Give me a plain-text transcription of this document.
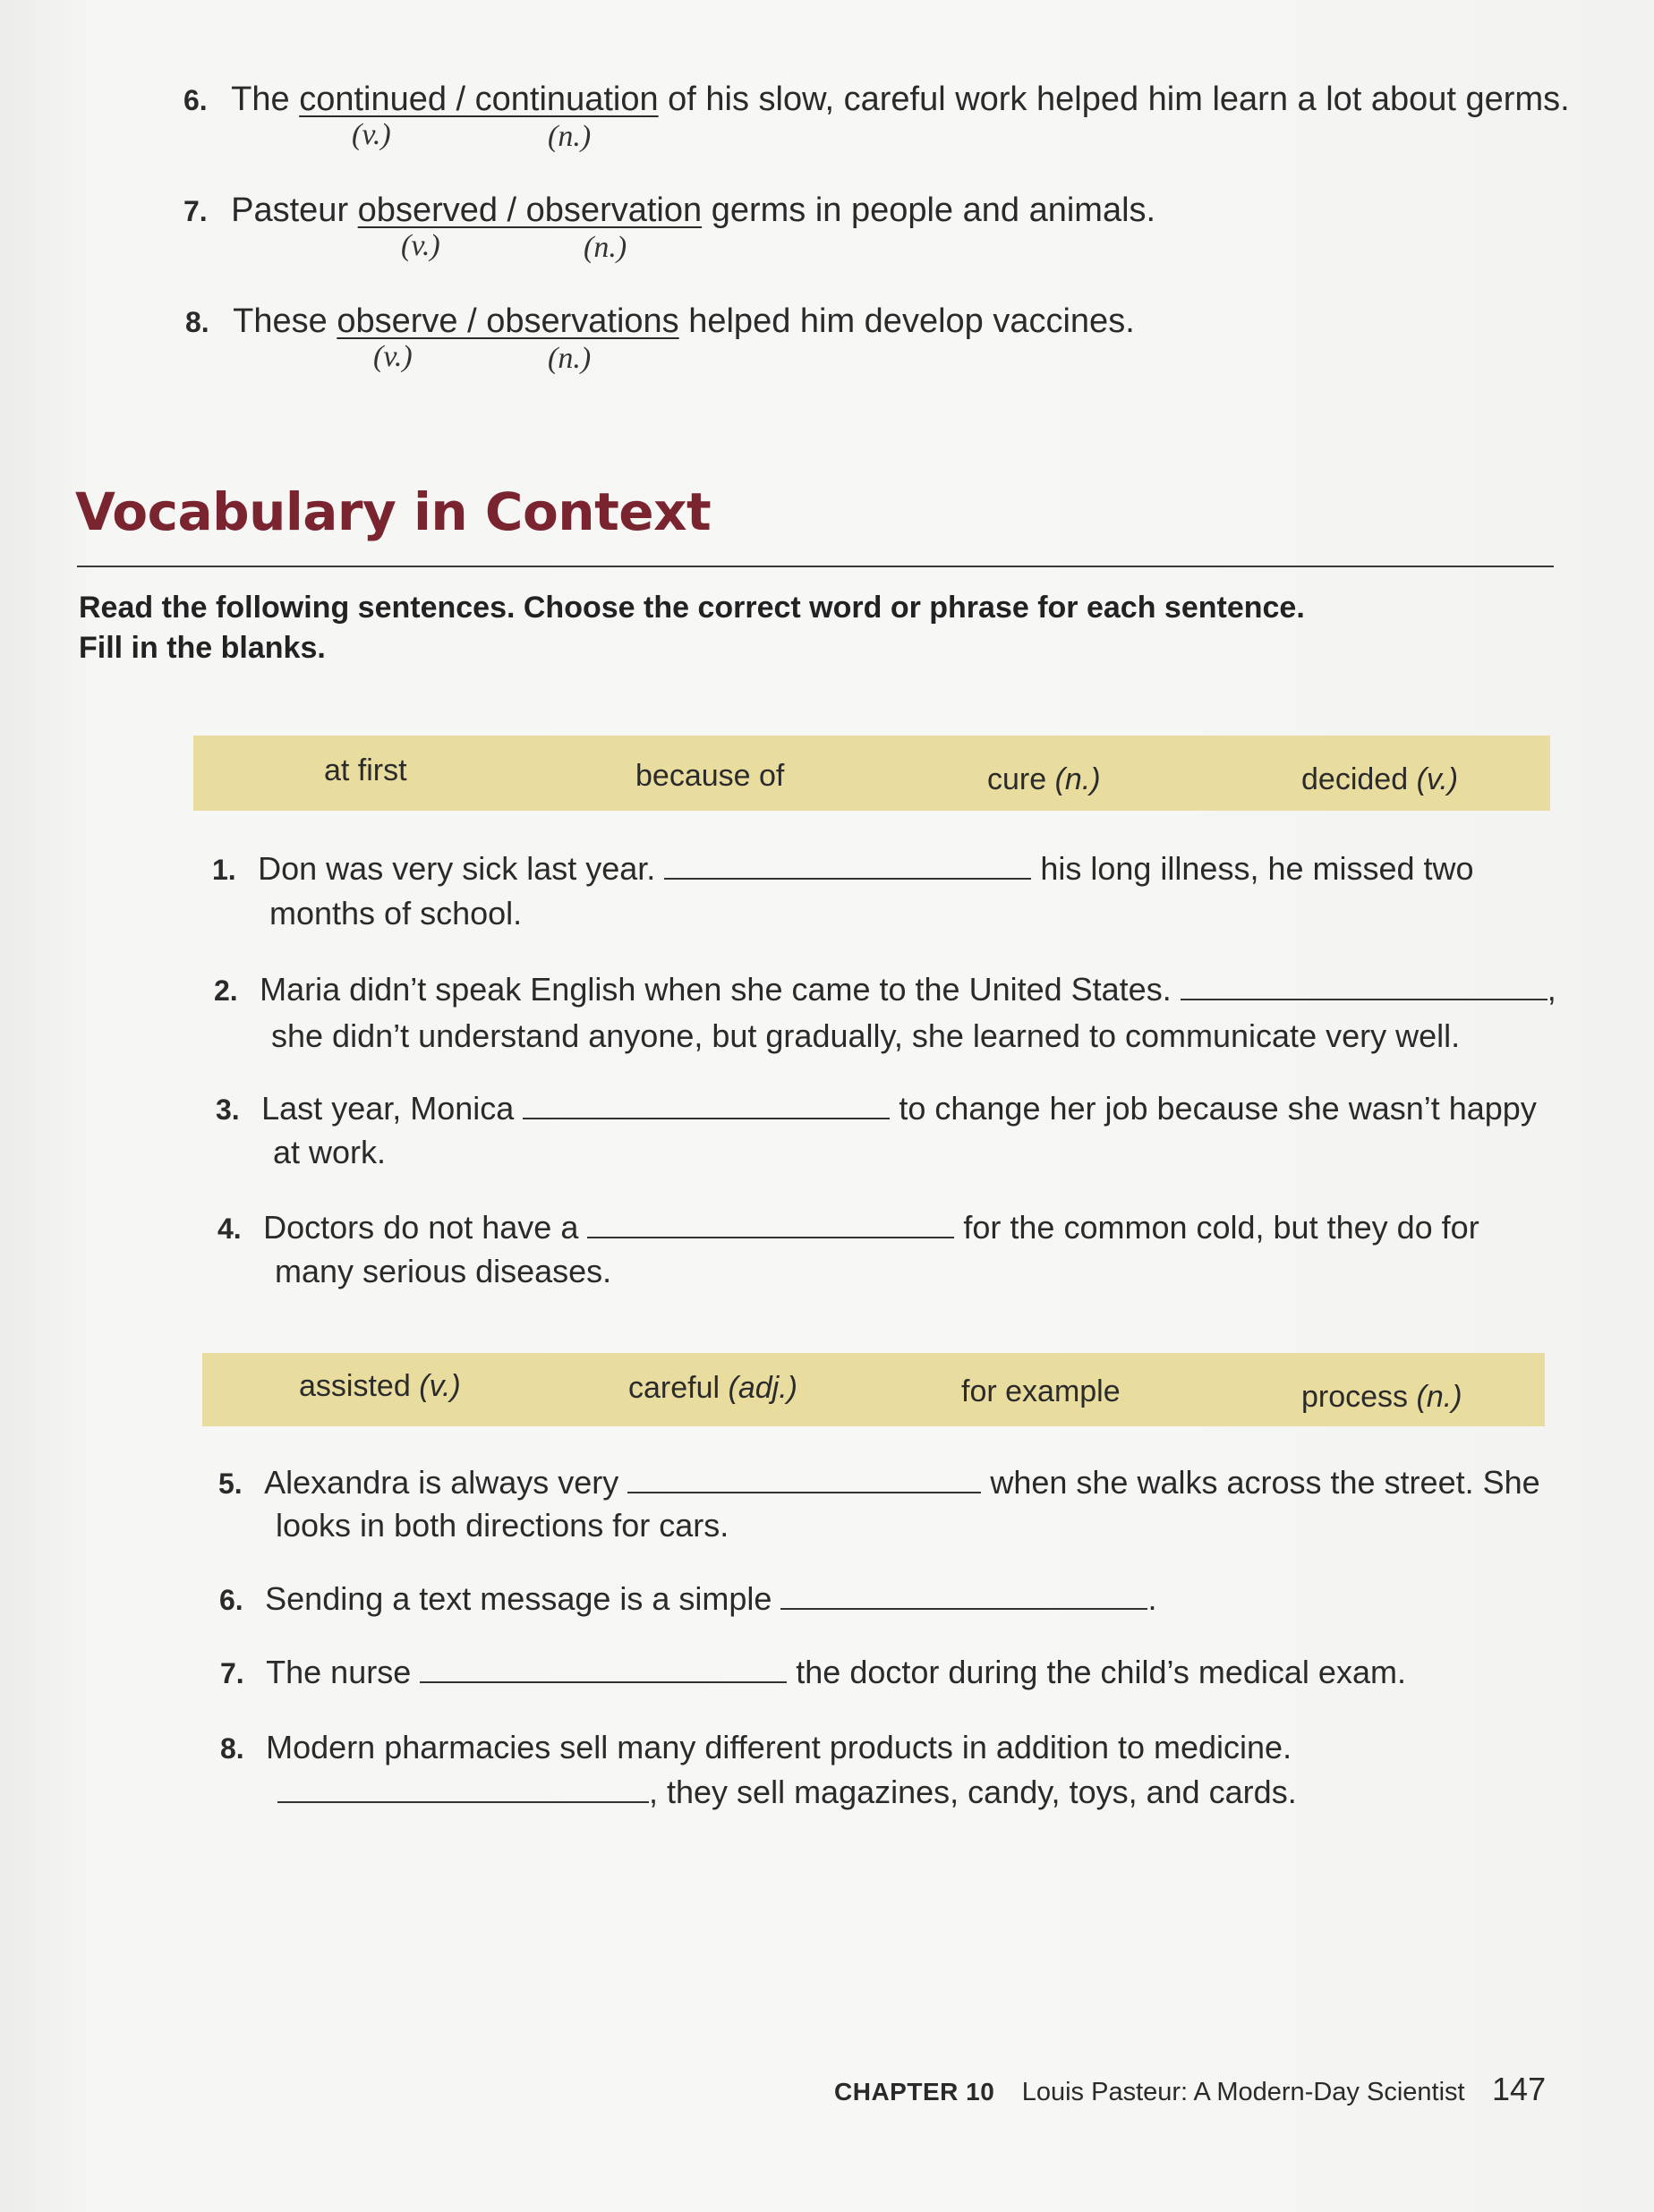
6. The continued / continuation of his slow, careful work helped him learn a lot about germs.
(v.)	(n.)
7. Pasteur observed / observation germs in people and animals.
(v.)	(n.)
8. These observe / observations helped him develop vaccines.
(v.)	(n.)
Vocabulary in Context
Read the following sentences. Choose the correct word or phrase for each sentence.
Fill in the blanks.
at first	because of	cure (n.)	decided (v.)
1. Don was very sick last year.	his long illness, he missed two
months of school.
2. Maria didn’t speak English when she came to the United States.	,
she didn’t understand anyone, but gradually, she learned to communicate very well.
3. Last year, Monica	to change her job because she wasn’t happy
at work.
4. Doctors do not have a	for the common cold, but they do for
many serious diseases.
assisted (v.)	careful (adj.)	for example	process (n.)
5. Alexandra is always very	when she walks across the street. She
looks in both directions for cars.
6. Sending a text message is a simple	.
7. The nurse	the doctor during the child’s medical exam.
8. Modern pharmacies sell many different products in addition to medicine.
, they sell magazines, candy, toys, and cards.
CHAPTER 10 Louis Pasteur: A Modern-Day Scientist 147
